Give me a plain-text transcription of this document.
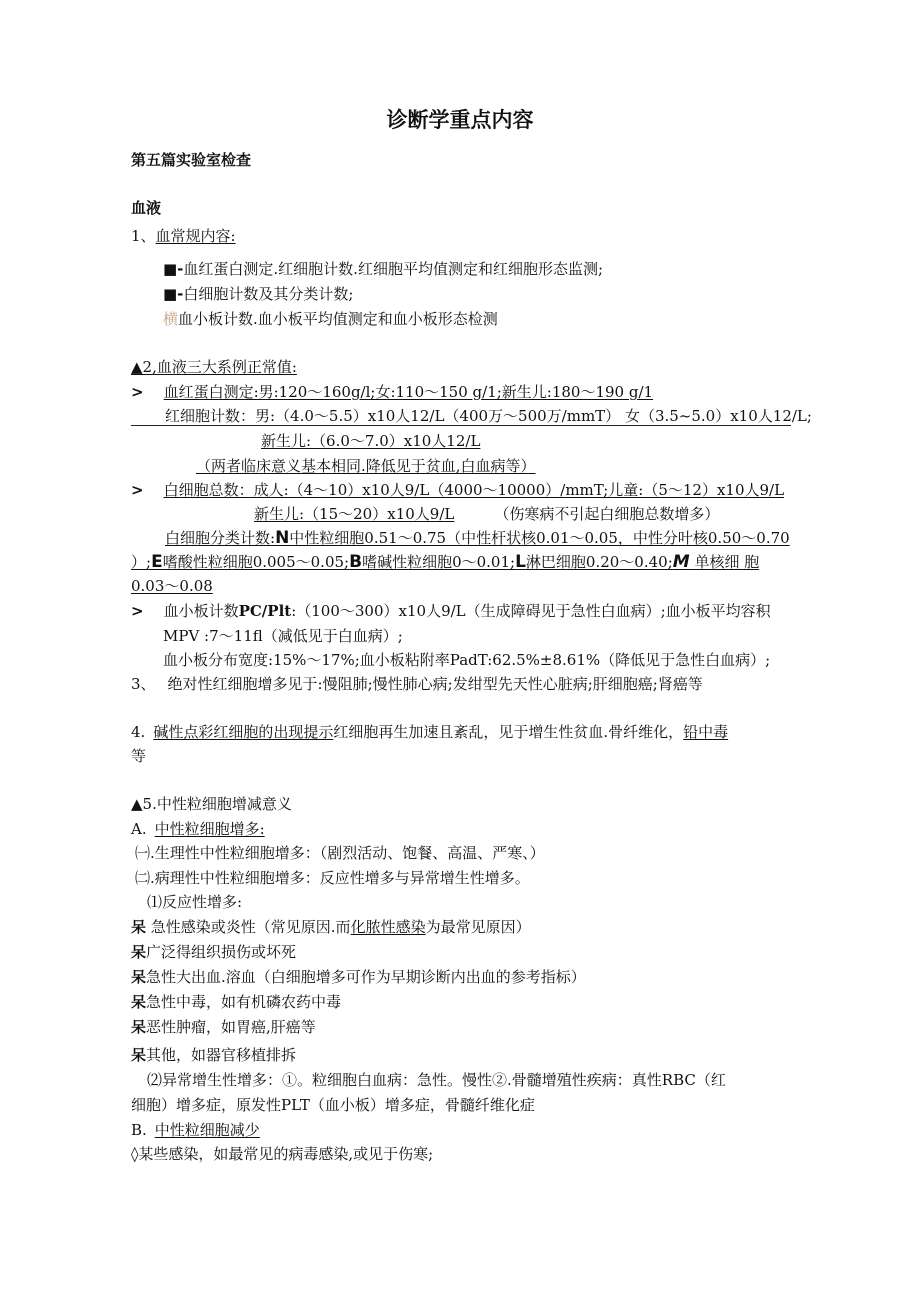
诊断学重点内容
第五篇实验室检查
血液
1、血常规内容:
■-血红蛋白测定.红细胞计数.红细胞平均值测定和红细胞形态监测;
■-白细胞计数及其分类计数;
横血小板计数.血小板平均值测定和血小板形态检测
▲2,血液三大系例正常值:
> 血红蛋白测定:男:120～160g/l;女:110～150 g/1;新生儿:180～190 g/1
红细胞计数：男:（4.0～5.5）x10人12/L（400万～500万/mmT） 女（3.5~5.0）x10人12/L;
新生儿:（6.0～7.0）x10人12/L
（两者临床意义基本相同.降低见于贫血,白血病等）
> 白细胞总数：成人:（4～10）x10人9/L（4000～10000）/mmT;儿童:（5～12）x10人9/L
新生儿:（15～20）x10人9/L	（伤寒病不引起白细胞总数增多）
白细胞分类计数:N中性粒细胞0.51～0.75（中性杆状核0.01～0.05，中性分叶核0.50～0.70
）;E嗜酸性粒细胞0.005～0.05;B嗜碱性粒细胞0～0.01;L淋巴细胞0.20～0.40;M 单核细 胞
0.03～0.08
> 血小板计数PC/Plt:（100～300）x10人9/L（生成障碍见于急性白血病）;血小板平均容积
MPV :7～11fl（减低见于白血病）;
血小板分布宽度:15%～17%;血小板粘附率PadT:62.5%±8.61%（降低见于急性白血病）;
3、 绝对性红细胞增多见于:慢阻肺;慢性肺心病;发绀型先天性心脏病;肝细胞癌;肾癌等
4. 碱性点彩红细胞的出现提示红细胞再生加速且紊乱，见于增生性贫血.骨纤维化，铅中毒
等
▲5.中性粒细胞增减意义
A. 中性粒细胞增多:
㈠.生理性中性粒细胞增多：（剧烈活动、饱餐、高温、严寒、）
㈡.病理性中性粒细胞增多：反应性增多与异常增生性增多。
⑴反应性增多:
呆 急性感染或炎性（常见原因.而化脓性感染为最常见原因）
呆广泛得组织损伤或坏死
呆急性大出血.溶血（白细胞增多可作为早期诊断内出血的参考指标）
呆急性中毒，如有机磷农药中毒
呆恶性肿瘤，如胃癌,肝癌等
呆其他，如器官移植排拆
⑵异常增生性增多：①。粒细胞白血病：急性。慢性②.骨髓增殖性疾病：真性RBC（红
细胞）增多症，原发性PLT（血小板）增多症，骨髓纤维化症
B. 中性粒细胞减少
◊某些感染，如最常见的病毒感染,或见于伤寒;
